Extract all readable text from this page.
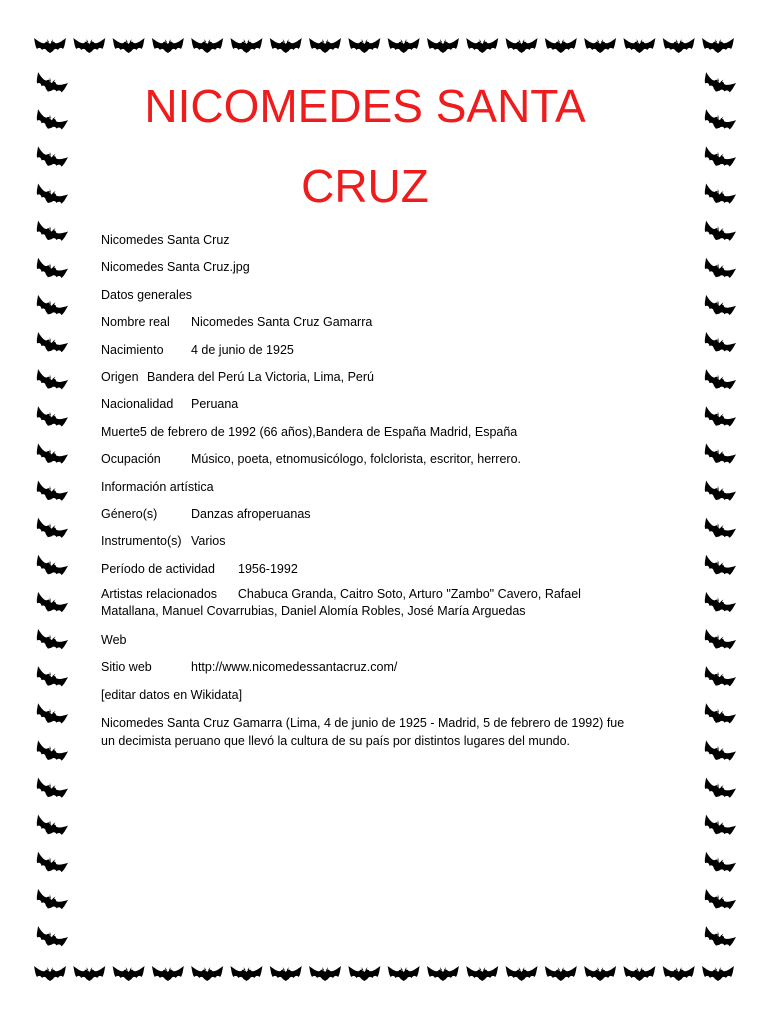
NICOMEDES SANTA
CRUZ
Nicomedes Santa Cruz
Nicomedes Santa Cruz.jpg
Datos generales
Nombre real Nicomedes Santa Cruz Gamarra
Nacimiento 4 de junio de 1925
Origen Bandera del Perú La Victoria, Lima, Perú
Nacionalidad Peruana
Muerte5 de febrero de 1992 (66 años),Bandera de España Madrid, España
Ocupación Músico, poeta, etnomusicólogo, folclorista, escritor, herrero.
Información artística
Género(s)	Danzas afroperuanas
Instrumento(s) Varios
Período de actividad 1956-1992
Artistas relacionados Chabuca Granda, Caitro Soto, Arturo "Zambo" Cavero, Rafael Matallana, Manuel Covarrubias, Daniel Alomía Robles, José María Arguedas
Web
Sitio web	http://www.nicomedessantacruz.com/
[editar datos en Wikidata]
Nicomedes Santa Cruz Gamarra (Lima, 4 de junio de 1925 - Madrid, 5 de febrero de 1992) fue un decimista peruano que llevó la cultura de su país por distintos lugares del mundo.
